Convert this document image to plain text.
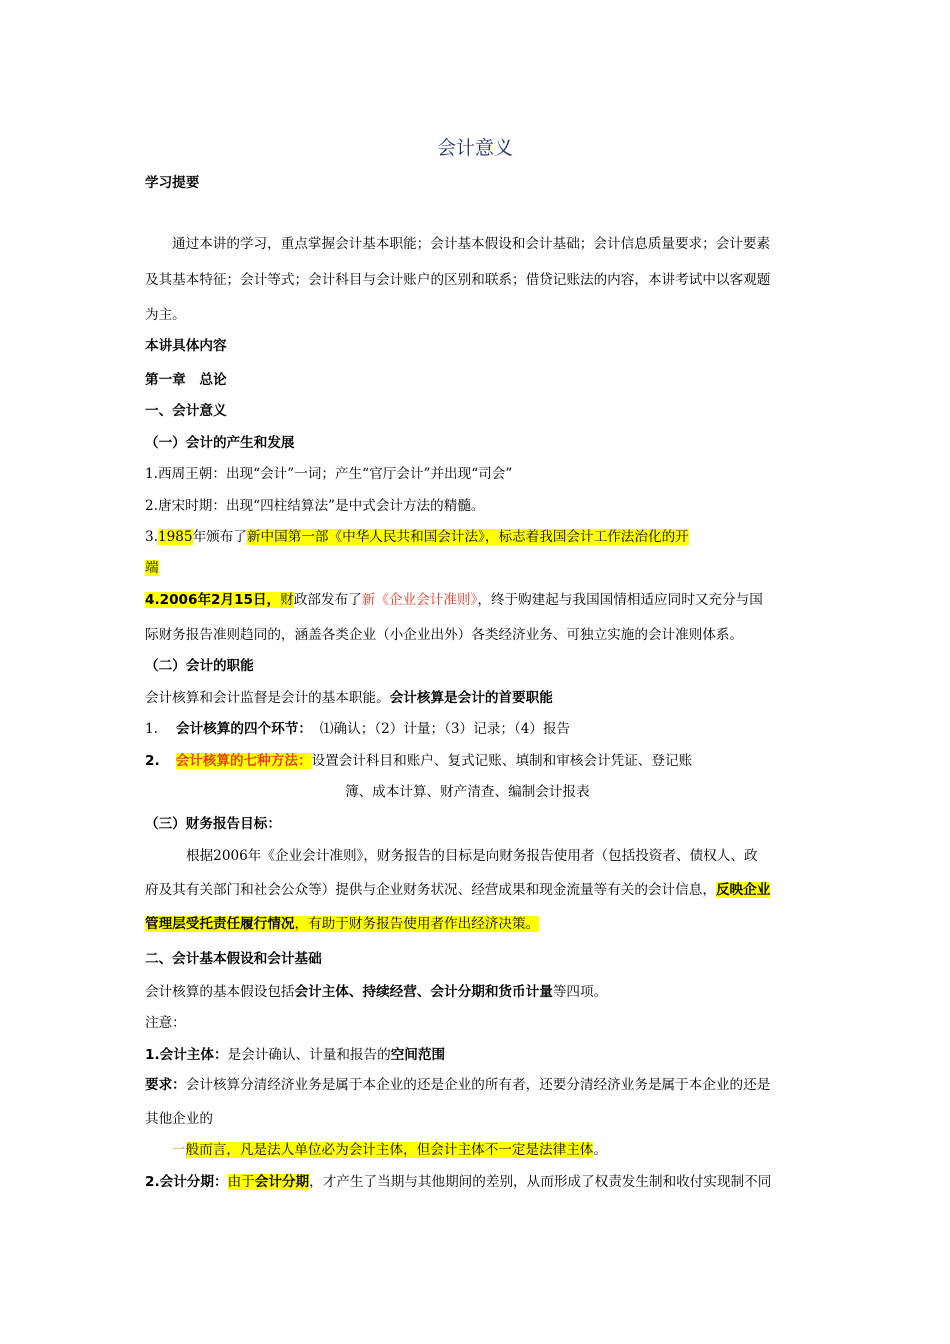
会计意义
学习提要
通过本讲的学习，重点掌握会计基本职能；会计基本假设和会计基础；会计信息质量要求；会计要素
及其基本特征；会计等式；会计科目与会计账户的区别和联系；借贷记账法的内容，本讲考试中以客观题
为主。
本讲具体内容
第一章　总论
一、会计意义
（一）会计的产生和发展
1.西周王朝：出现“会计”一词；产生“官厅会计”并出现“司会”
2.唐宋时期：出现“四柱结算法”是中式会计方法的精髓。
3.1985年颁布了新中国第一部《中华人民共和国会计法》，标志着我国会计工作法治化的开
端
4.2006年2月15日，财政部发布了新《企业会计准则》，终于购建起与我国国情相适应同时又充分与国
际财务报告准则趋同的，涵盖各类企业（小企业出外）各类经济业务、可独立实施的会计准则体系。
（二）会计的职能
会计核算和会计监督是会计的基本职能。会计核算是会计的首要职能
1. 会计核算的四个环节： ⑴确认；（2）计量；（3）记录；（4）报告
2. 会计核算的七种方法：设置会计科目和账户、复式记账、填制和审核会计凭证、登记账
簿、成本计算、财产清查、编制会计报表
（三）财务报告目标：
根据2006年《企业会计准则》，财务报告的目标是向财务报告使用者（包括投资者、债权人、政
府及其有关部门和社会公众等）提供与企业财务状况、经营成果和现金流量等有关的会计信息，反映企业
管理层受托责任履行情况，有助于财务报告使用者作出经济决策。
二、会计基本假设和会计基础
会计核算的基本假设包括会计主体、持续经营、会计分期和货币计量等四项。
注意：
1.会计主体：是会计确认、计量和报告的空间范围
要求：会计核算分清经济业务是属于本企业的还是企业的所有者，还要分清经济业务是属于本企业的还是
其他企业的
一般而言，凡是法人单位必为会计主体，但会计主体不一定是法律主体。
2.会计分期：由于会计分期，才产生了当期与其他期间的差别，从而形成了权责发生制和收付实现制不同
